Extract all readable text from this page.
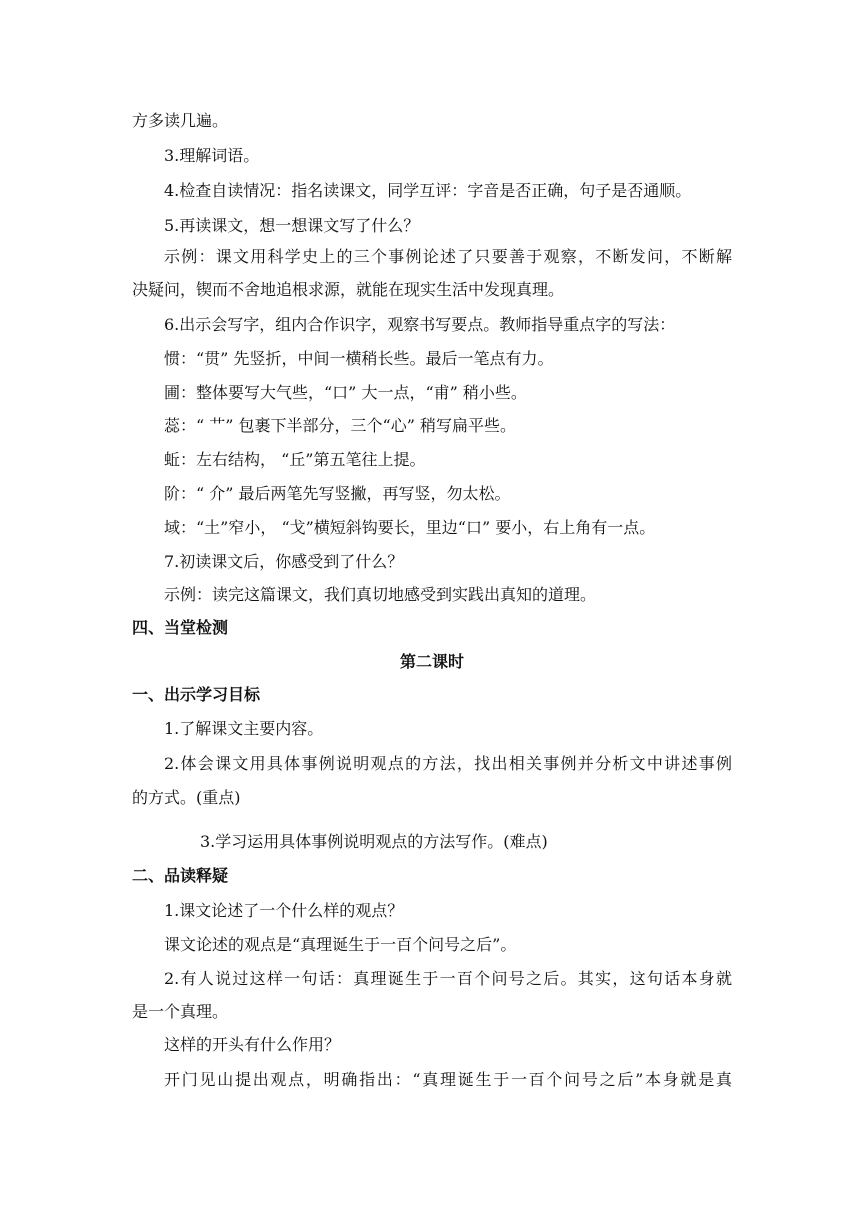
方多读几遍。
3.理解词语。
4.检查自读情况：指名读课文，同学互评：字音是否正确，句子是否通顺。
5.再读课文，想一想课文写了什么？
示例：课文用科学史上的三个事例论述了只要善于观察，不断发问，不断解
决疑问，锲而不舍地追根求源，就能在现实生活中发现真理。
6.出示会写字，组内合作识字，观察书写要点。教师指导重点字的写法：
惯：“贯” 先竖折，中间一横稍长些。最后一笔点有力。
圃：整体要写大气些，“口” 大一点，“甫” 稍小些。
蕊：“ 艹” 包裹下半部分，三个“心” 稍写扁平些。
蚯：左右结构， “丘”第五笔往上提。
阶：“ 介” 最后两笔先写竖撇，再写竖，勿太松。
域：“土”窄小， “戈”横短斜钩要长，里边“口” 要小，右上角有一点。
7.初读课文后，你感受到了什么？
示例：读完这篇课文，我们真切地感受到实践出真知的道理。
四、当堂检测
第二课时
一、出示学习目标
1.了解课文主要内容。
2.体会课文用具体事例说明观点的方法，找出相关事例并分析文中讲述事例
的方式。(重点)
3.学习运用具体事例说明观点的方法写作。(难点)
二、品读释疑
1.课文论述了一个什么样的观点？
课文论述的观点是“真理诞生于一百个问号之后”。
2.有人说过这样一句话：真理诞生于一百个问号之后。其实，这句话本身就
是一个真理。
这样的开头有什么作用？
开门见山提出观点，明确指出：“真理诞生于一百个问号之后”本身就是真
